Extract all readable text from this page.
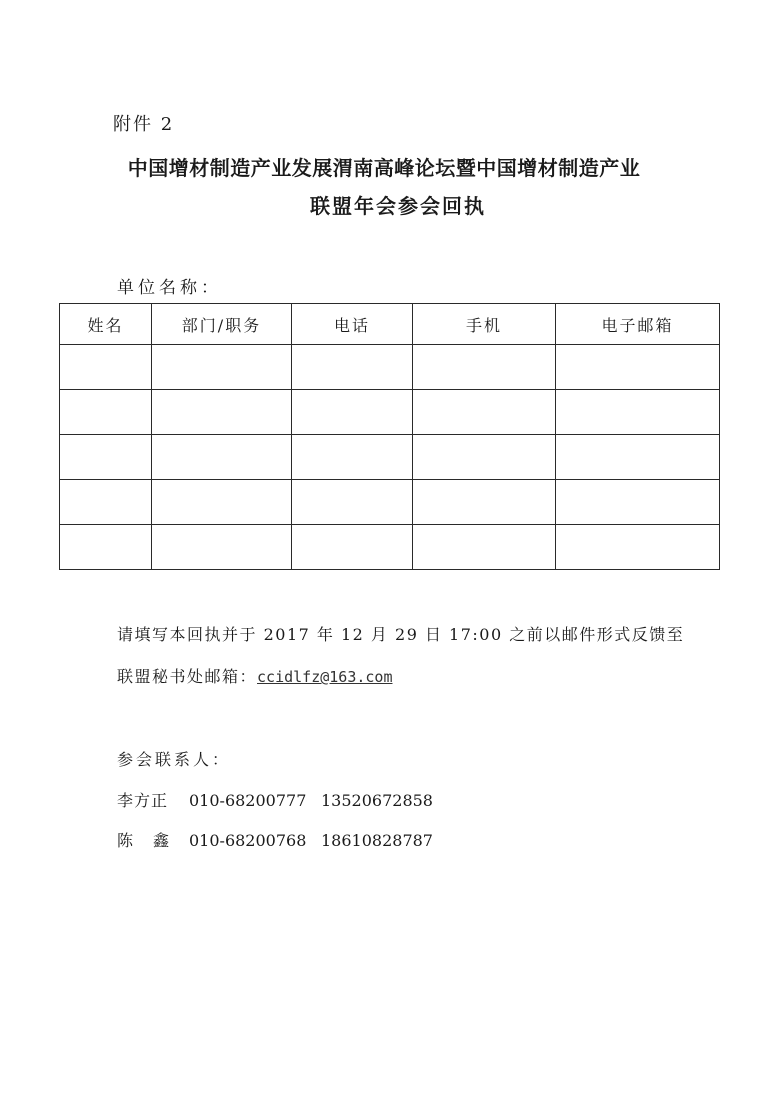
附件 2
中国增材制造产业发展渭南高峰论坛暨中国增材制造产业
联盟年会参会回执
单位名称：
姓名	部门/职务	电话	手机	电子邮箱

请填写本回执并于 2017 年 12 月 29 日 17:00 之前以邮件形式反馈至
联盟秘书处邮箱：ccidlfz@163.com
参会联系人：
李方正 010-68200777 13520672858
陈鑫010-68200768 18610828787
